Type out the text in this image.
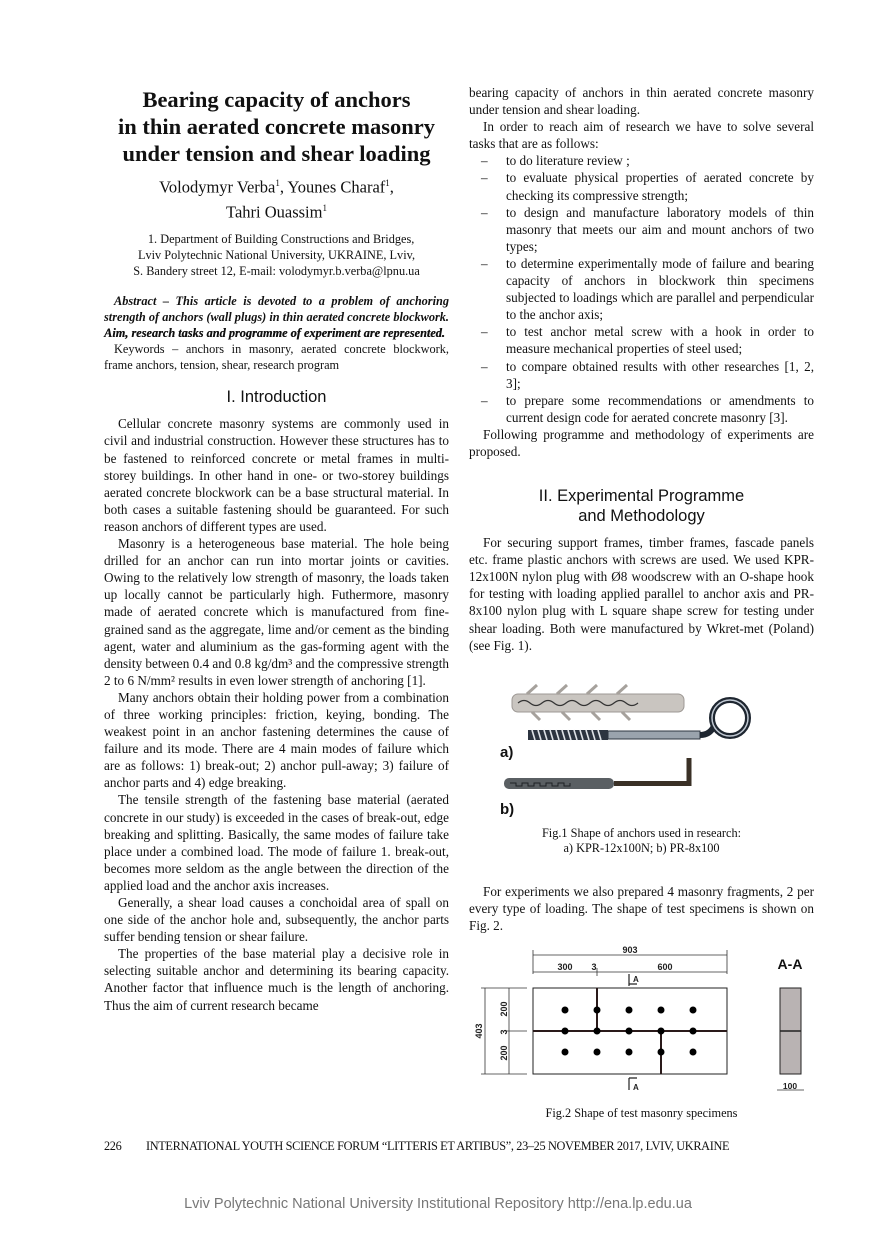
Bearing capacity of anchors
in thin aerated concrete masonry
under tension and shear loading
Volodymyr Verba$^1$, Younes Charaf$^1$,
Tahri Ouassim$^1$
1. Department of Building Constructions and Bridges,
Lviv Polytechnic National University, UKRAINE, Lviv,
S. Bandery street 12, E-mail: volodymyr.b.verba@lpnu.ua
Abstract – This article is devoted to a problem of anchoring strength of anchors (wall plugs) in thin aerated concrete blockwork. Aim, research tasks and programme of experiment are represented.
Keywords – anchors in masonry, aerated concrete blockwork, frame anchors, tension, shear, research program
I. Introduction

Cellular concrete masonry systems are commonly used in civil and industrial construction. However these structures has to be fastened to reinforced concrete or metal frames in multi-storey buildings. In other hand in one- or two-storey buildings aerated concrete blockwork can be a base structural material. In both cases a suitable fastening should be guaranteed. For such reason anchors of different types are used.

Masonry is a heterogeneous base material. The hole being drilled for an anchor can run into mortar joints or cavities. Owing to the relatively low strength of masonry, the loads taken up locally cannot be particularly high. Futhermore, masonry made of aerated concrete which is manufactured from fine-grained sand as the aggregate, lime and/or cement as the binding agent, water and aluminium as the gas-forming agent with the density between 0.4 and 0.8 kg/dm³ and the compressive strength 2 to 6 N/mm² results in even lower strength of anchoring [1].

Many anchors obtain their holding power from a combination of three working principles: friction, keying, bonding. The weakest point in an anchor fastening determines the cause of failure and its mode. There are 4 main modes of failure which are as follows: 1) break-out; 2) anchor pull-away; 3) failure of anchor parts and 4) edge breaking.

The tensile strength of the fastening base material (aerated concrete in our study) is exceeded in the cases of break-out, edge breaking and splitting. Basically, the same modes of failure take place under a combined load. The mode of failure 1. break-out, becomes more seldom as the angle between the direction of the applied load and the anchor axis increases.

Generally, a shear load causes a conchoidal area of spall on one side of the anchor hole and, subsequently, the anchor parts suffer bending tension or shear failure.

The properties of the base material play a decisive role in selecting suitable anchor and determining its bearing capacity. Another factor that influence much is the length of anchoring. Thus the aim of current research became

bearing capacity of anchors in thin aerated concrete masonry under tension and shear loading.

In order to reach aim of research we have to solve several tasks that are as follows:

– to do literature review ;
– to evaluate physical properties of aerated concrete by checking its compressive strength;
– to design and manufacture laboratory models of thin masonry that meets our aim and mount anchors of two types;
– to determine experimentally mode of failure and bearing capacity of anchors in blockwork thin specimens subjected to loadings which are parallel and perpendicular to the anchor axis;
– to test anchor metal screw with a hook in order to measure mechanical properties of steel used;
– to compare obtained results with other researches [1, 2, 3];
– to prepare some recommendations or amendments to current design code for aerated concrete masonry [3].

Following programme and methodology of experiments are proposed.

II. Experimental Programme
and Methodology

For securing support frames, timber frames, fascade panels etc. frame plastic anchors with screws are used. We used KPR-12x100N nylon plug with Ø8 woodscrew with an O-shape hook for testing with loading applied parallel to anchor axis and PR-8x100 nylon plug with L square shape screw for testing under shear loading. Both were manufactured by Wkret-met (Poland) (see Fig. 1).

a)
b)
Fig.1 Shape of anchors used in research:
a) KPR-12x100N; b) PR-8x100

For experiments we also prepared 4 masonry fragments, 2 per every type of loading. The shape of test specimens is shown on Fig. 2.

903
300 3	600
403
200
3
200
A
A
A-A
100
Fig.2 Shape of test masonry specimens
226 INTERNATIONAL YOUTH SCIENCE FORUM “LITTERIS ET ARTIBUS”, 23–25 NOVEMBER 2017, LVIV, UKRAINE
Lviv Polytechnic National University Institutional Repository http://ena.lp.edu.ua
